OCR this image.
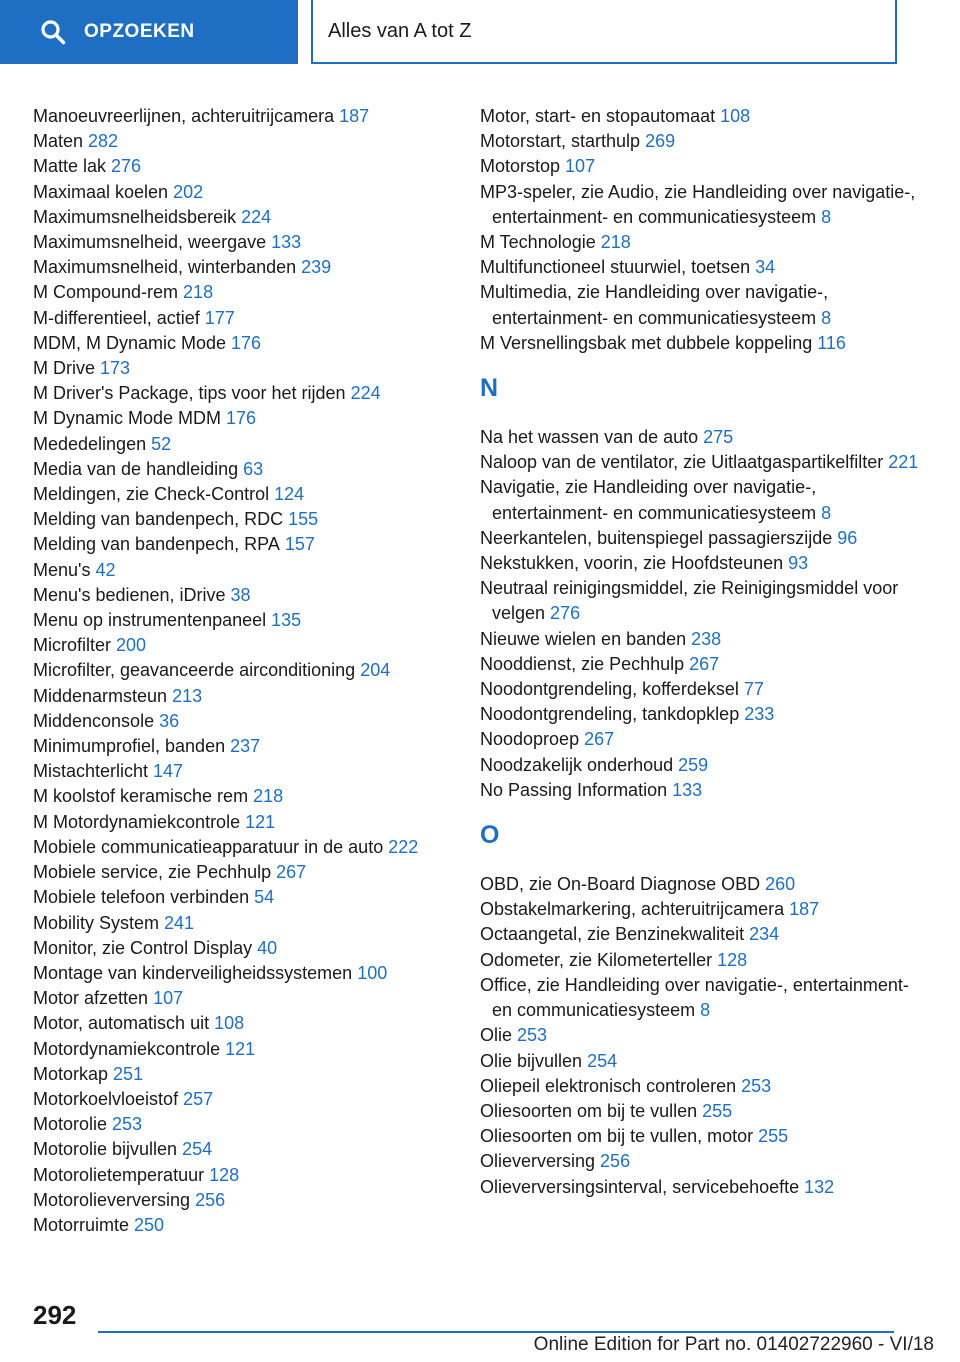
OPZOEKEN	Alles van A tot Z
Manoeuvreerlijnen, achteruitrijcamera 187
Maten 282
Matte lak 276
Maximaal koelen 202
Maximumsnelheidsbereik 224
Maximumsnelheid, weergave 133
Maximumsnelheid, winterbanden 239
M Compound-rem 218
M-differentieel, actief 177
MDM, M Dynamic Mode 176
M Drive 173
M Driver's Package, tips voor het rijden 224
M Dynamic Mode MDM 176
Mededelingen 52
Media van de handleiding 63
Meldingen, zie Check-Control 124
Melding van bandenpech, RDC 155
Melding van bandenpech, RPA 157
Menu's 42
Menu's bedienen, iDrive 38
Menu op instrumentenpaneel 135
Microfilter 200
Microfilter, geavanceerde airconditioning 204
Middenarmsteun 213
Middenconsole 36
Minimumprofiel, banden 237
Mistachterlicht 147
M koolstof keramische rem 218
M Motordynamiekcontrole 121
Mobiele communicatieapparatuur in de auto 222
Mobiele service, zie Pechhulp 267
Mobiele telefoon verbinden 54
Mobility System 241
Monitor, zie Control Display 40
Montage van kinderveiligheidssystemen 100
Motor afzetten 107
Motor, automatisch uit 108
Motordynamiekcontrole 121
Motorkap 251
Motorkoelvloeistof 257
Motorolie 253
Motorolie bijvullen 254
Motorolietemperatuur 128
Motorolieverversing 256
Motorruimte 250
Motor, start- en stopautomaat 108
Motorstart, starthulp 269
Motorstop 107
MP3-speler, zie Audio, zie Handleiding over navigatie-, entertainment- en communicatiesysteem 8
M Technologie 218
Multifunctioneel stuurwiel, toetsen 34
Multimedia, zie Handleiding over navigatie-, entertainment- en communicatiesysteem 8
M Versnellingsbak met dubbele koppeling 116
N
Na het wassen van de auto 275
Naloop van de ventilator, zie Uitlaatgaspartikelfilter 221
Navigatie, zie Handleiding over navigatie-, entertainment- en communicatiesysteem 8
Neerkantelen, buitenspiegel passagierszijde 96
Nekstukken, voorin, zie Hoofdsteunen 93
Neutraal reinigingsmiddel, zie Reinigingsmiddel voor velgen 276
Nieuwe wielen en banden 238
Nooddienst, zie Pechhulp 267
Noodontgrendeling, kofferdeksel 77
Noodontgrendeling, tankdopklep 233
Noodoproep 267
Noodzakelijk onderhoud 259
No Passing Information 133
O
OBD, zie On-Board Diagnose OBD 260
Obstakelmarkering, achteruitrijcamera 187
Octaangetal, zie Benzinekwaliteit 234
Odometer, zie Kilometerteller 128
Office, zie Handleiding over navigatie-, entertainment- en communicatiesysteem 8
Olie 253
Olie bijvullen 254
Oliepeil elektronisch controleren 253
Oliesoorten om bij te vullen 255
Oliesoorten om bij te vullen, motor 255
Olieverversing 256
Olieverversingsinterval, servicebehoefte 132
292
Online Edition for Part no. 01402722960 - VI/18
